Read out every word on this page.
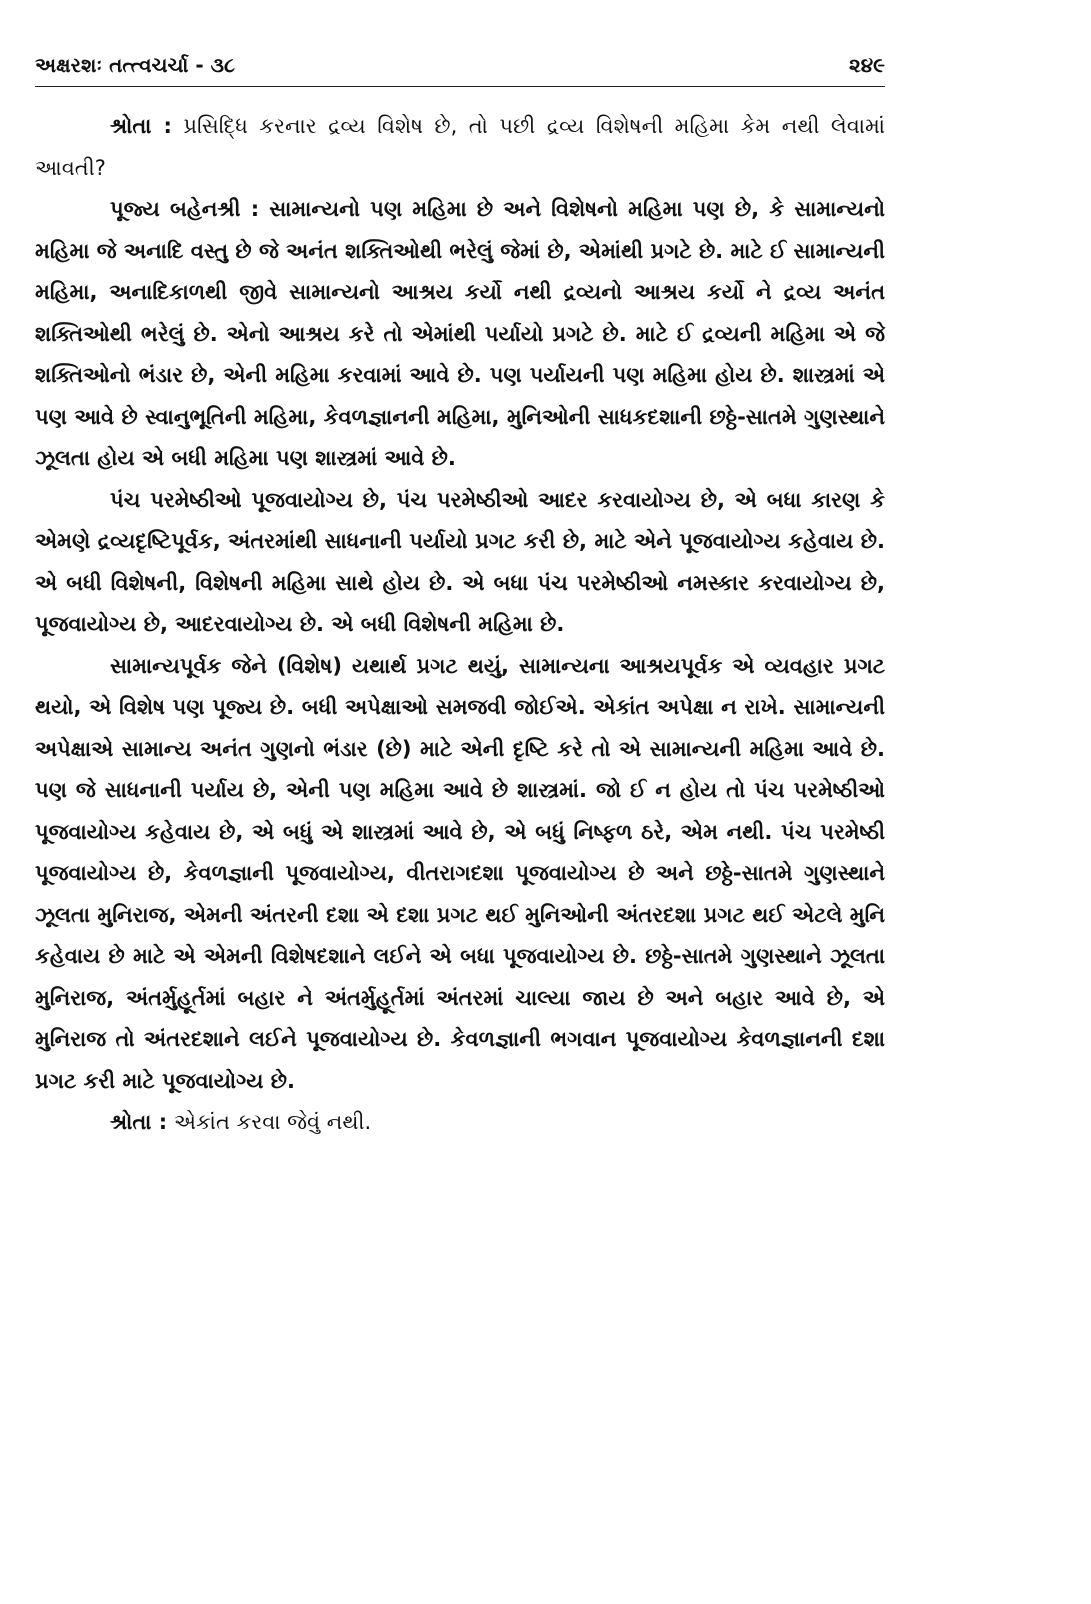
અક્ષરશઃ તત્ત્વચર્ચા - ૩૮	૨૪૯

શ્રોતા : પ્રસિદ્ધિ કરનાર દ્રવ્ય વિશેષ છે, તો પછી દ્રવ્ય વિશેષની મહિમા કેમ નથી લેવામાં આવતી?

પૂજ્ય બહેનશ્રી : સામાન્યનો પણ મહિમા છે અને વિશેષનો મહિમા પણ છે, કે સામાન્યનો મહિમા જે અનાદિ વસ્તુ છે જે અનંત શક્તિઓથી ભરેલું જેમાં છે, એમાંથી પ્રગટે છે. માટે ઈ સામાન્યની મહિમા, અનાદિકાળથી જીવે સામાન્યનો આશ્રય કર્યો નથી દ્રવ્યનો આશ્રય કર્યો ને દ્રવ્ય અનંત શક્તિઓથી ભરેલું છે. એનો આશ્રય કરે તો એમાંથી પર્યાયો પ્રગટે છે. માટે ઈ દ્રવ્યની મહિમા એ જે શક્તિઓનો ભંડાર છે, એની મહિમા કરવામાં આવે છે. પણ પર્યાયની પણ મહિમા હોય છે. શાસ્ત્રમાં એ પણ આવે છે સ્વાનુભૂતિની મહિમા, કેવળજ્ઞાનની મહિમા, મુનિઓની સાધકદશાની છઠ્ઠે-સાતમે ગુણસ્થાને ઝૂલતા હોય એ બધી મહિમા પણ શાસ્ત્રમાં આવે છે.

પંચ પરમેષ્ઠીઓ પૂજવાયોગ્ય છે, પંચ પરમેષ્ઠીઓ આદર કરવાયોગ્ય છે, એ બધા કારણ કે એમણે દ્રવ્યદૃષ્ટિપૂર્વક, અંતરમાંથી સાધનાની પર્યાયો પ્રગટ કરી છે, માટે એને પૂજવાયોગ્ય કહેવાય છે. એ બધી વિશેષની, વિશેષની મહિમા સાથે હોય છે. એ બધા પંચ પરમેષ્ઠીઓ નમસ્કાર કરવાયોગ્ય છે, પૂજવાયોગ્ય છે, આદરવાયોગ્ય છે. એ બધી વિશેષની મહિમા છે.

સામાન્યપૂર્વક જેને (વિશેષ) યથાર્થ પ્રગટ થયું, સામાન્યના આશ્રયપૂર્વક એ વ્યવહાર પ્રગટ થયો, એ વિશેષ પણ પૂજ્ય છે. બધી અપેક્ષાઓ સમજવી જોઈએ. એકાંત અપેક્ષા ન રાખે. સામાન્યની અપેક્ષાએ સામાન્ય અનંત ગુણનો ભંડાર (છે) માટે એની દૃષ્ટિ કરે તો એ સામાન્યની મહિમા આવે છે. પણ જે સાધનાની પર્યાય છે, એની પણ મહિમા આવે છે શાસ્ત્રમાં. જો ઈ ન હોય તો પંચ પરમેષ્ઠીઓ પૂજવાયોગ્ય કહેવાય છે, એ બધું એ શાસ્ત્રમાં આવે છે, એ બધું નિષ્ફળ ઠરે, એમ નથી. પંચ પરમેષ્ઠી પૂજવાયોગ્ય છે, કેવળજ્ઞાની પૂજવાયોગ્ય, વીતરાગદશા પૂજવાયોગ્ય છે અને છઠ્ઠે-સાતમે ગુણસ્થાને ઝૂલતા મુનિરાજ, એમની અંતરની દશા એ દશા પ્રગટ થઈ મુનિઓની અંતરદશા પ્રગટ થઈ એટલે મુનિ કહેવાય છે માટે એ એમની વિશેષદશાને લઈને એ બધા પૂજવાયોગ્ય છે. છઠ્ઠે-સાતમે ગુણસ્થાને ઝૂલતા મુનિરાજ, અંતર્મુહૂર્તમાં બહાર ને અંતર્મુહૂર્તમાં અંતરમાં ચાલ્યા જાય છે અને બહાર આવે છે, એ મુનિરાજ તો અંતરદશાને લઈને પૂજવાયોગ્ય છે. કેવળજ્ઞાની ભગવાન પૂજવાયોગ્ય કેવળજ્ઞાનની દશા પ્રગટ કરી માટે પૂજવાયોગ્ય છે.

શ્રોતા : એકાંત કરવા જેવું નથી.
